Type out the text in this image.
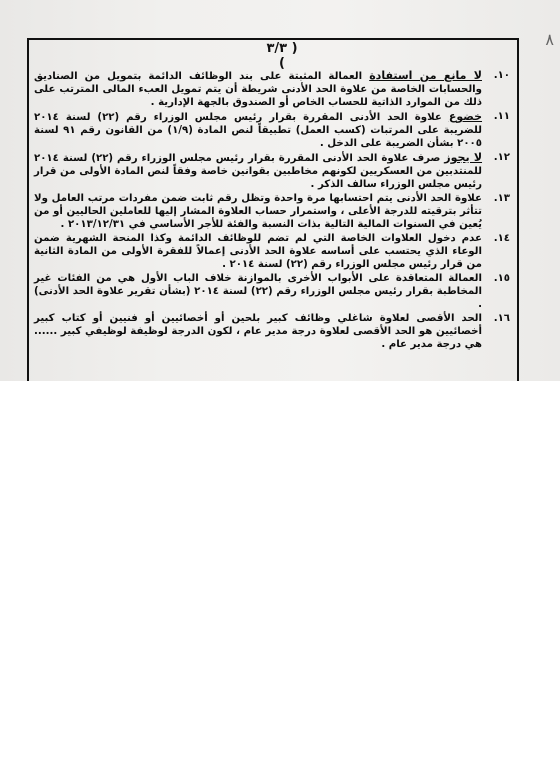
٨
( ٣/٣ )
١٠.
لا مانع من استفادة العمالة المثبتة على بند الوظائف الدائمة بتمويل من الصناديق والحسابات الخاصة من علاوة الحد الأدنى شريطة أن يتم تمويل العبء المالى المترتب على ذلك من الموارد الذاتية للحساب الخاص أو الصندوق بالجهة الإدارية .
١١.
خضوع علاوة الحد الأدنى المقررة بقرار رئيس مجلس الوزراء رقم (٢٢) لسنة ٢٠١٤ للضريبة على المرتبات (كسب العمل) تطبيقاً لنص المادة (١/٩) من القانون رقم ٩١ لسنة ٢٠٠٥ بشأن الضريبة على الدخل .
١٢.
لا يجوز صرف علاوة الحد الأدنى المقررة بقرار رئيس مجلس الوزراء رقم (٢٢) لسنة ٢٠١٤ للمنتدبين من العسكريين لكونهم مخاطبين بقوانين خاصة وفقاً لنص المادة الأولى من قرار رئيس مجلس الوزراء سالف الذكر .
١٣.
علاوة الحد الأدنى يتم احتسابها مرة واحدة وتظل رقم ثابت ضمن مفردات مرتب العامل ولا تتأثر بترقيته للدرجة الأعلى ، واستمرار حساب العلاوة المشار إليها للعاملين الحاليين أو من يُعين في السنوات المالية التالية بذات النسبة والفئة للأجر الأساسي في ٢٠١٣/١٢/٣١ .
١٤.
عدم دخول العلاوات الخاصة التي لم تضم للوظائف الدائمة وكذا المنحة الشهرية ضمن الوعاء الذي يحتسب على أساسه علاوة الحد الأدنى إعمالاً للفقرة الأولى من المادة الثانية من قرار رئيس مجلس الوزراء رقم (٢٢) لسنة ٢٠١٤ .
١٥.
العمالة المتعاقدة على الأبواب الأخرى بالموازنة خلاف الباب الأول هي من الفئات غير المخاطبة بقرار رئيس مجلس الوزراء رقم (٢٢) لسنة ٢٠١٤ (بشأن تقرير علاوة الحد الأدنى) .
١٦.
الحد الأقصى لعلاوة شاغلي وظائف كبير بلحين أو أخصائيين أو فنيين أو كتاب كبير أخصائيين هو الحد الأقصى لعلاوة درجة مدير عام ، لكون الدرجة لوظيفة لوظيفي كبير ...... هي درجة مدير عام .
